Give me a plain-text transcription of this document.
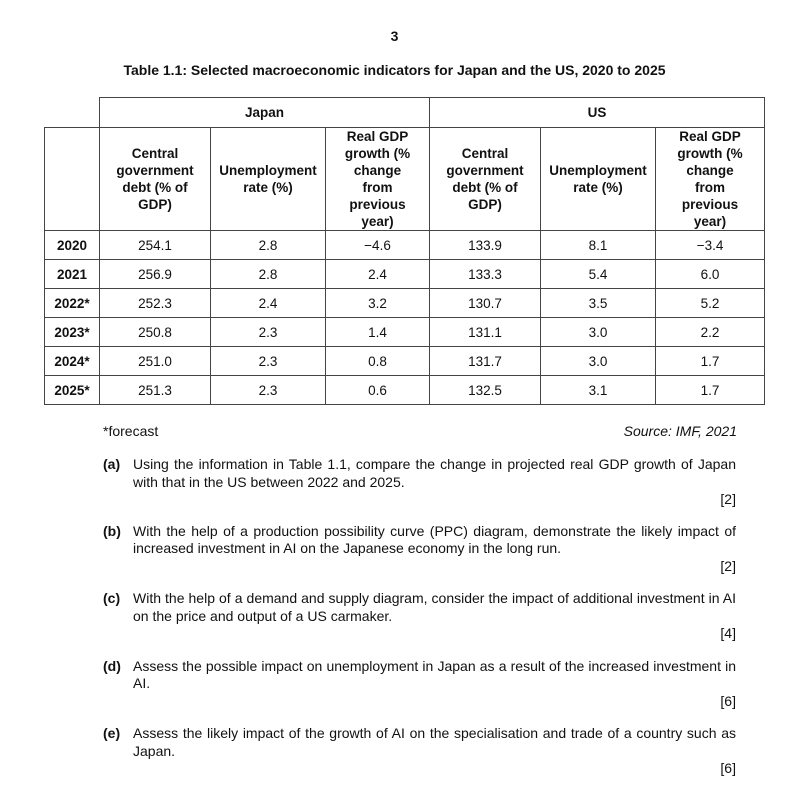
3
Table 1.1: Selected macroeconomic indicators for Japan and the US, 2020 to 2025
	Japan			US		
	Central government debt (% of GDP)	Unemployment rate (%)	Real GDP growth (% change from previous year)	Central government debt (% of GDP)	Unemployment rate (%)	Real GDP growth (% change from previous year)
2020	254.1	2.8	−4.6	133.9	8.1	−3.4
2021	256.9	2.8	2.4	133.3	5.4	6.0
2022*	252.3	2.4	3.2	130.7	3.5	5.2
2023*	250.8	2.3	1.4	131.1	3.0	2.2
2024*	251.0	2.3	0.8	131.7	3.0	1.7
2025*	251.3	2.3	0.6	132.5	3.1	1.7
*forecast	Source: IMF, 2021
(a) Using the information in Table 1.1, compare the change in projected real GDP growth of Japan with that in the US between 2022 and 2025.
[2]
(b) With the help of a production possibility curve (PPC) diagram, demonstrate the likely impact of increased investment in AI on the Japanese economy in the long run.
[2]
(c) With the help of a demand and supply diagram, consider the impact of additional investment in AI on the price and output of a US carmaker.
[4]
(d) Assess the possible impact on unemployment in Japan as a result of the increased investment in AI.
[6]
(e) Assess the likely impact of the growth of AI on the specialisation and trade of a country such as Japan.
[6]
